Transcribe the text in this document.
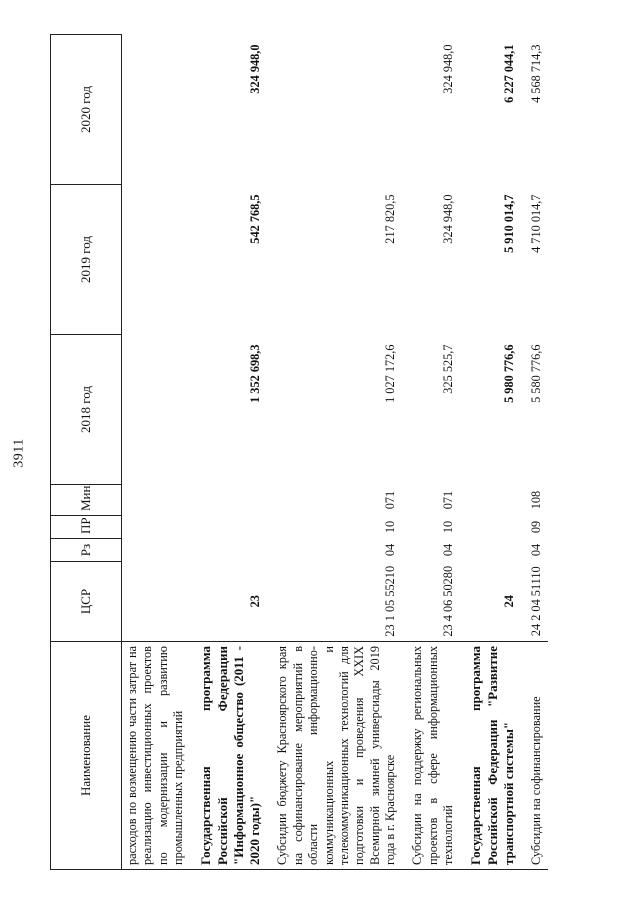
3911
Наименование	ЦСР	Рз	ПР	Мин	2018 год	2019 год	2020 год
расходов по возмещению части затрат на реализацию инвестиционных проектов по модернизации и развитию промышленных предприятий							

Государственная программа Российской Федерации "Информационное общество (2011 - 2020 годы)"	23				1 352 698,3	542 768,5	324 948,0

Субсидии бюджету Красноярского края на софинансирование мероприятий в области информационно-коммуникационных и телекоммуникационных технологий для подготовки и проведения XXIX Всемирной зимней универсиады 2019 года в г. Красноярске	23 1 05 55210	04	10	071	1 027 172,6	217 820,5	

Субсидии на поддержку региональных проектов в сфере информационных технологий	23 4 06 50280	04	10	071	325 525,7	324 948,0	324 948,0

Государственная программа Российской Федерации "Развитие транспортной системы"	24				5 980 776,6	5 910 014,7	6 227 044,1

Субсидии на софинансирование	24 2 04 51110	04	09	108	5 580 776,6	4 710 014,7	4 568 714,3
